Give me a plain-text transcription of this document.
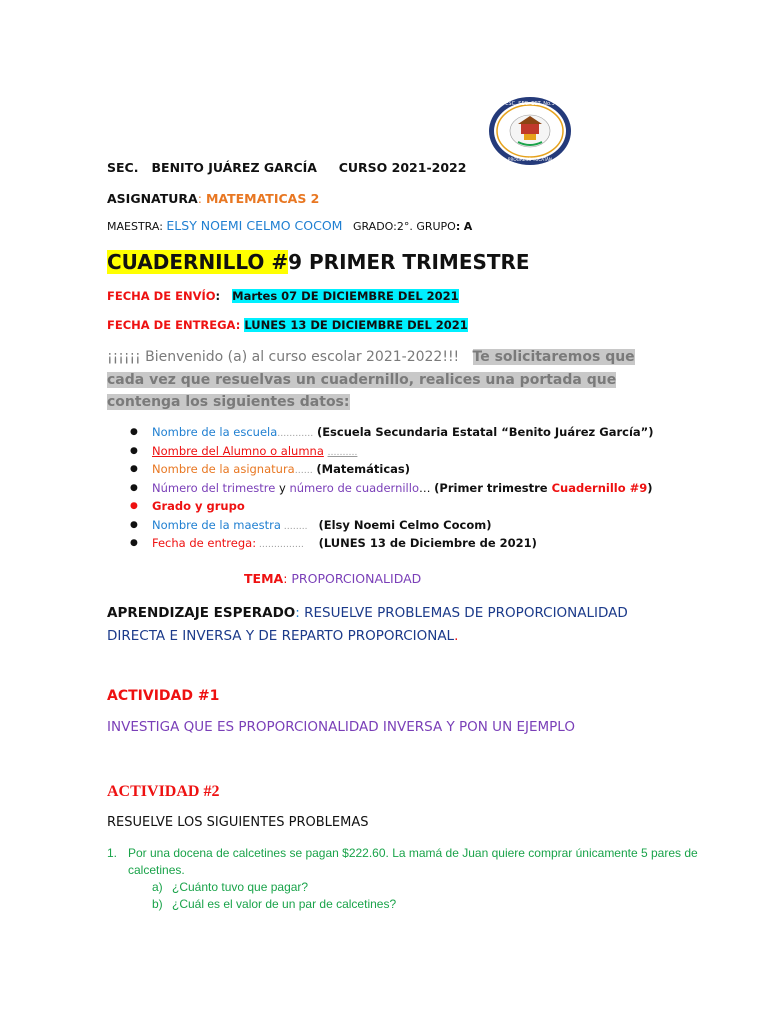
ESC. SEC. EST. No.3
PROGRESO YUCATÁN
SEC. BENITO JUÁREZ GARCÍA CURSO 2021-2022
ASIGNATURA: MATEMATICAS 2
MAESTRA: ELSY NOEMI CELMO COCOM GRADO:2°. GRUPO: A
CUADERNILLO #9 PRIMER TRIMESTRE
FECHA DE ENVÍO: Martes 07 DE DICIEMBRE DEL 2021
FECHA DE ENTREGA: LUNES 13 DE DICIEMBRE DEL 2021
¡¡¡¡¡¡ Bienvenido (a) al curso escolar 2021-2022!!! Te solicitaremos que cada vez que resuelvas un cuadernillo, realices una portada que contenga los siguientes datos:
● Nombre de la escuela………… (Escuela Secundaria Estatal “Benito Juárez García”)
● Nombre del Alumno o alumna ……….
● Nombre de la asignatura…… (Matemáticas)
● Número del trimestre y número de cuadernillo… (Primer trimestre Cuadernillo #9)
● Grado y grupo
● Nombre de la maestra …….. (Elsy Noemi Celmo Cocom)
● Fecha de entrega: …………… (LUNES 13 de Diciembre de 2021)
TEMA: PROPORCIONALIDAD
APRENDIZAJE ESPERADO: RESUELVE PROBLEMAS DE PROPORCIONALIDAD DIRECTA E INVERSA Y DE REPARTO PROPORCIONAL.
ACTIVIDAD #1
INVESTIGA QUE ES PROPORCIONALIDAD INVERSA Y PON UN EJEMPLO
ACTIVIDAD #2
RESUELVE LOS SIGUIENTES PROBLEMAS
1. Por una docena de calcetines se pagan $222.60. La mamá de Juan quiere comprar únicamente 5 pares de calcetines.
a) ¿Cuánto tuvo que pagar?
b) ¿Cuál es el valor de un par de calcetines?
